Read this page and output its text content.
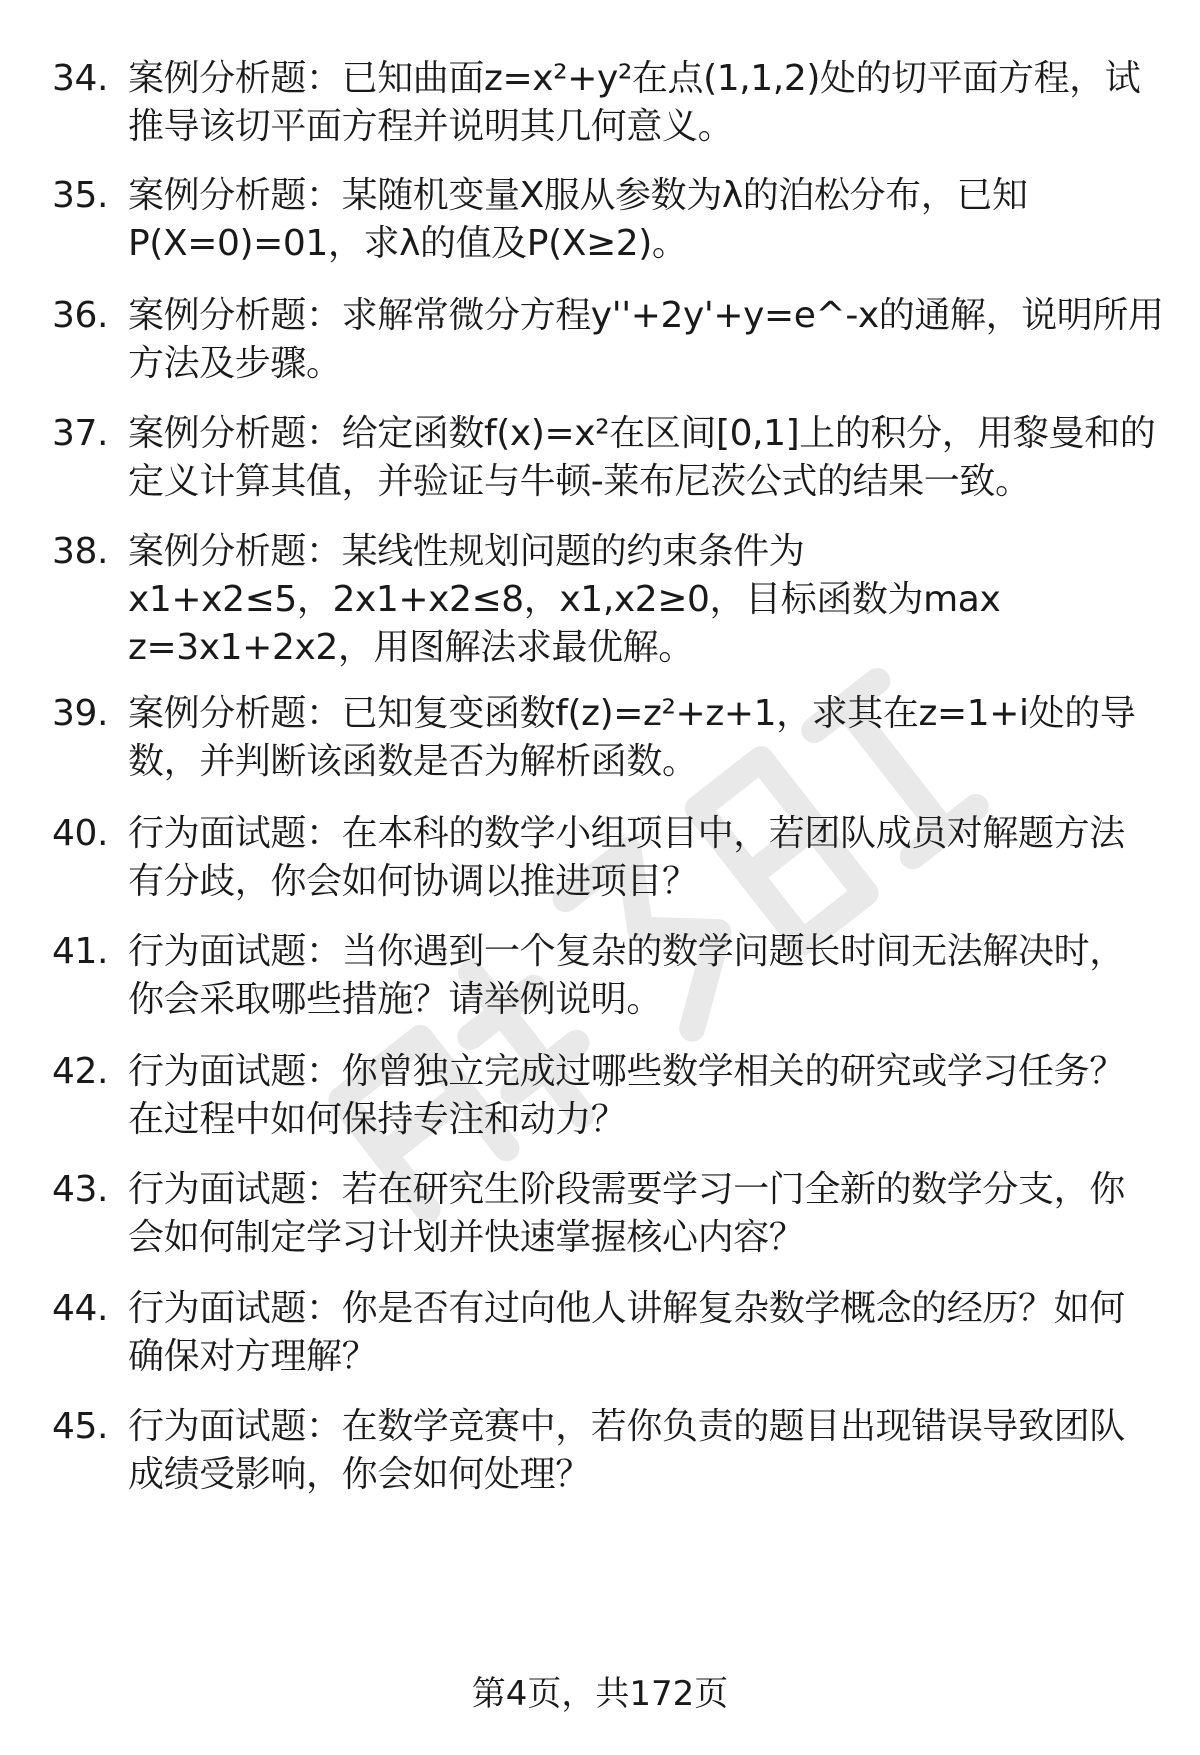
34. 案例分析题：已知曲面z=x²+y²在点(1,1,2)处的切平面方程，试
推导该切平面方程并说明其几何意义。
35. 案例分析题：某随机变量X服从参数为λ的泊松分布，已知
P(X=0)=01，求λ的值及P(X≥2)。
36. 案例分析题：求解常微分方程y''+2y'+y=e^-x的通解，说明所用
方法及步骤。
37. 案例分析题：给定函数f(x)=x²在区间[0,1]上的积分，用黎曼和的
定义计算其值，并验证与牛顿-莱布尼茨公式的结果一致。
38. 案例分析题：某线性规划问题的约束条件为
x1+x2≤5，2x1+x2≤8，x1,x2≥0，目标函数为max
z=3x1+2x2，用图解法求最优解。
39. 案例分析题：已知复变函数f(z)=z²+z+1，求其在z=1+i处的导
数，并判断该函数是否为解析函数。
40. 行为面试题：在本科的数学小组项目中，若团队成员对解题方法
有分歧，你会如何协调以推进项目？
41. 行为面试题：当你遇到一个复杂的数学问题长时间无法解决时，
你会采取哪些措施？请举例说明。
42. 行为面试题：你曾独立完成过哪些数学相关的研究或学习任务？
在过程中如何保持专注和动力？
43. 行为面试题：若在研究生阶段需要学习一门全新的数学分支，你
会如何制定学习计划并快速掌握核心内容？
44. 行为面试题：你是否有过向他人讲解复杂数学概念的经历？如何
确保对方理解？
45. 行为面试题：在数学竞赛中，若你负责的题目出现错误导致团队
成绩受影响，你会如何处理？
第4页，共172页
